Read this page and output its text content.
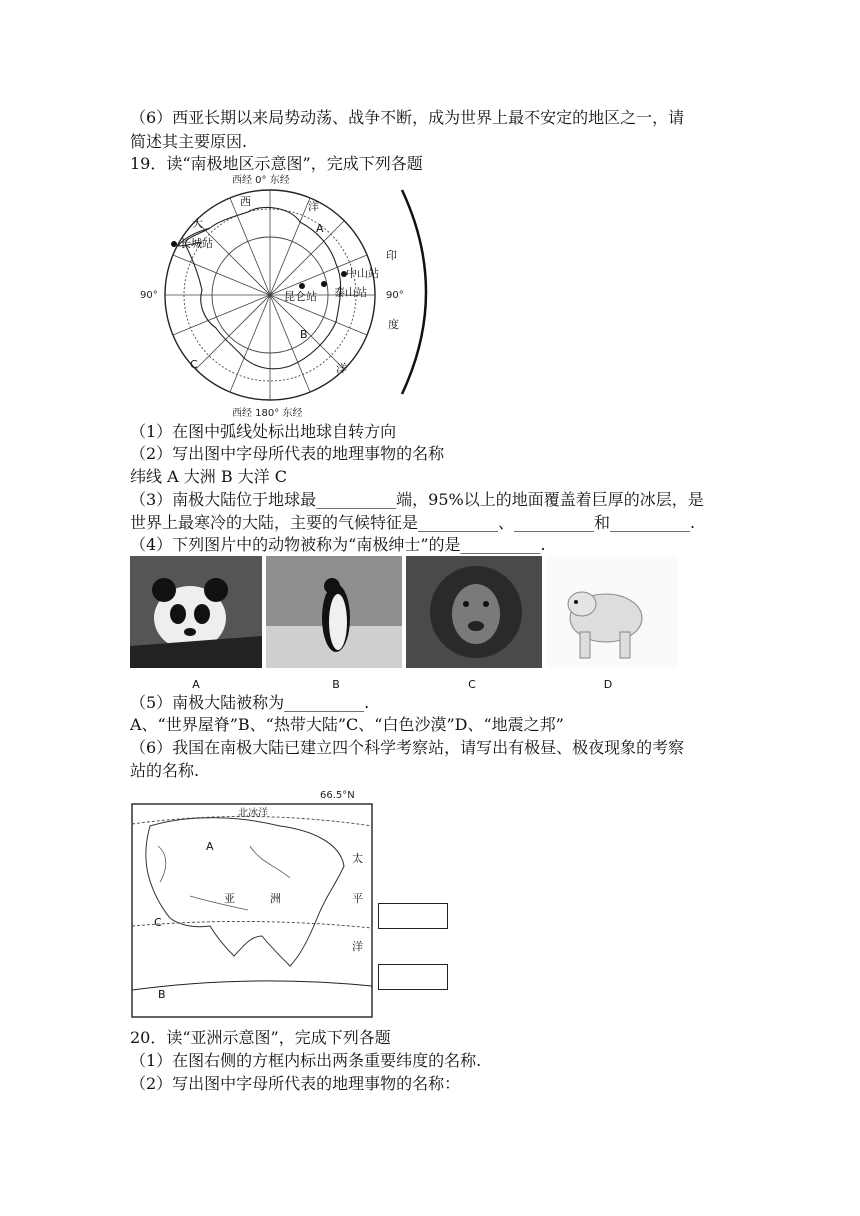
（6）西亚长期以来局势动荡、战争不断，成为世界上最不安定的地区之一，请
简述其主要原因.
19．读“南极地区示意图”，完成下列各题
西经 0° 东经
西	洋
大
印
度
洋
A
B
C
90°	90°
长城站
中山站
昆仑站 泰山站
西经 180° 东经
（1）在图中弧线处标出地球自转方向
（2）写出图中字母所代表的地理事物的名称
纬线 A 大洲 B 大洋 C
（3）南极大陆位于地球最__________端，95%以上的地面覆盖着巨厚的冰层，是
世界上最寒冷的大陆，主要的气候特征是__________、__________和__________.
（4）下列图片中的动物被称为“南极绅士”的是__________.
A	B	C	D
（5）南极大陆被称为__________.
A、“世界屋脊”B、“热带大陆”C、“白色沙漠”D、“地震之邦”
（6）我国在南极大陆已建立四个科学考察站，请写出有极昼、极夜现象的考察
站的名称.
66.5°N
北冰洋
亚	洲
太
平
洋
A
B
C
20．读“亚洲示意图”，完成下列各题
（1）在图右侧的方框内标出两条重要纬度的名称.
（2）写出图中字母所代表的地理事物的名称：
